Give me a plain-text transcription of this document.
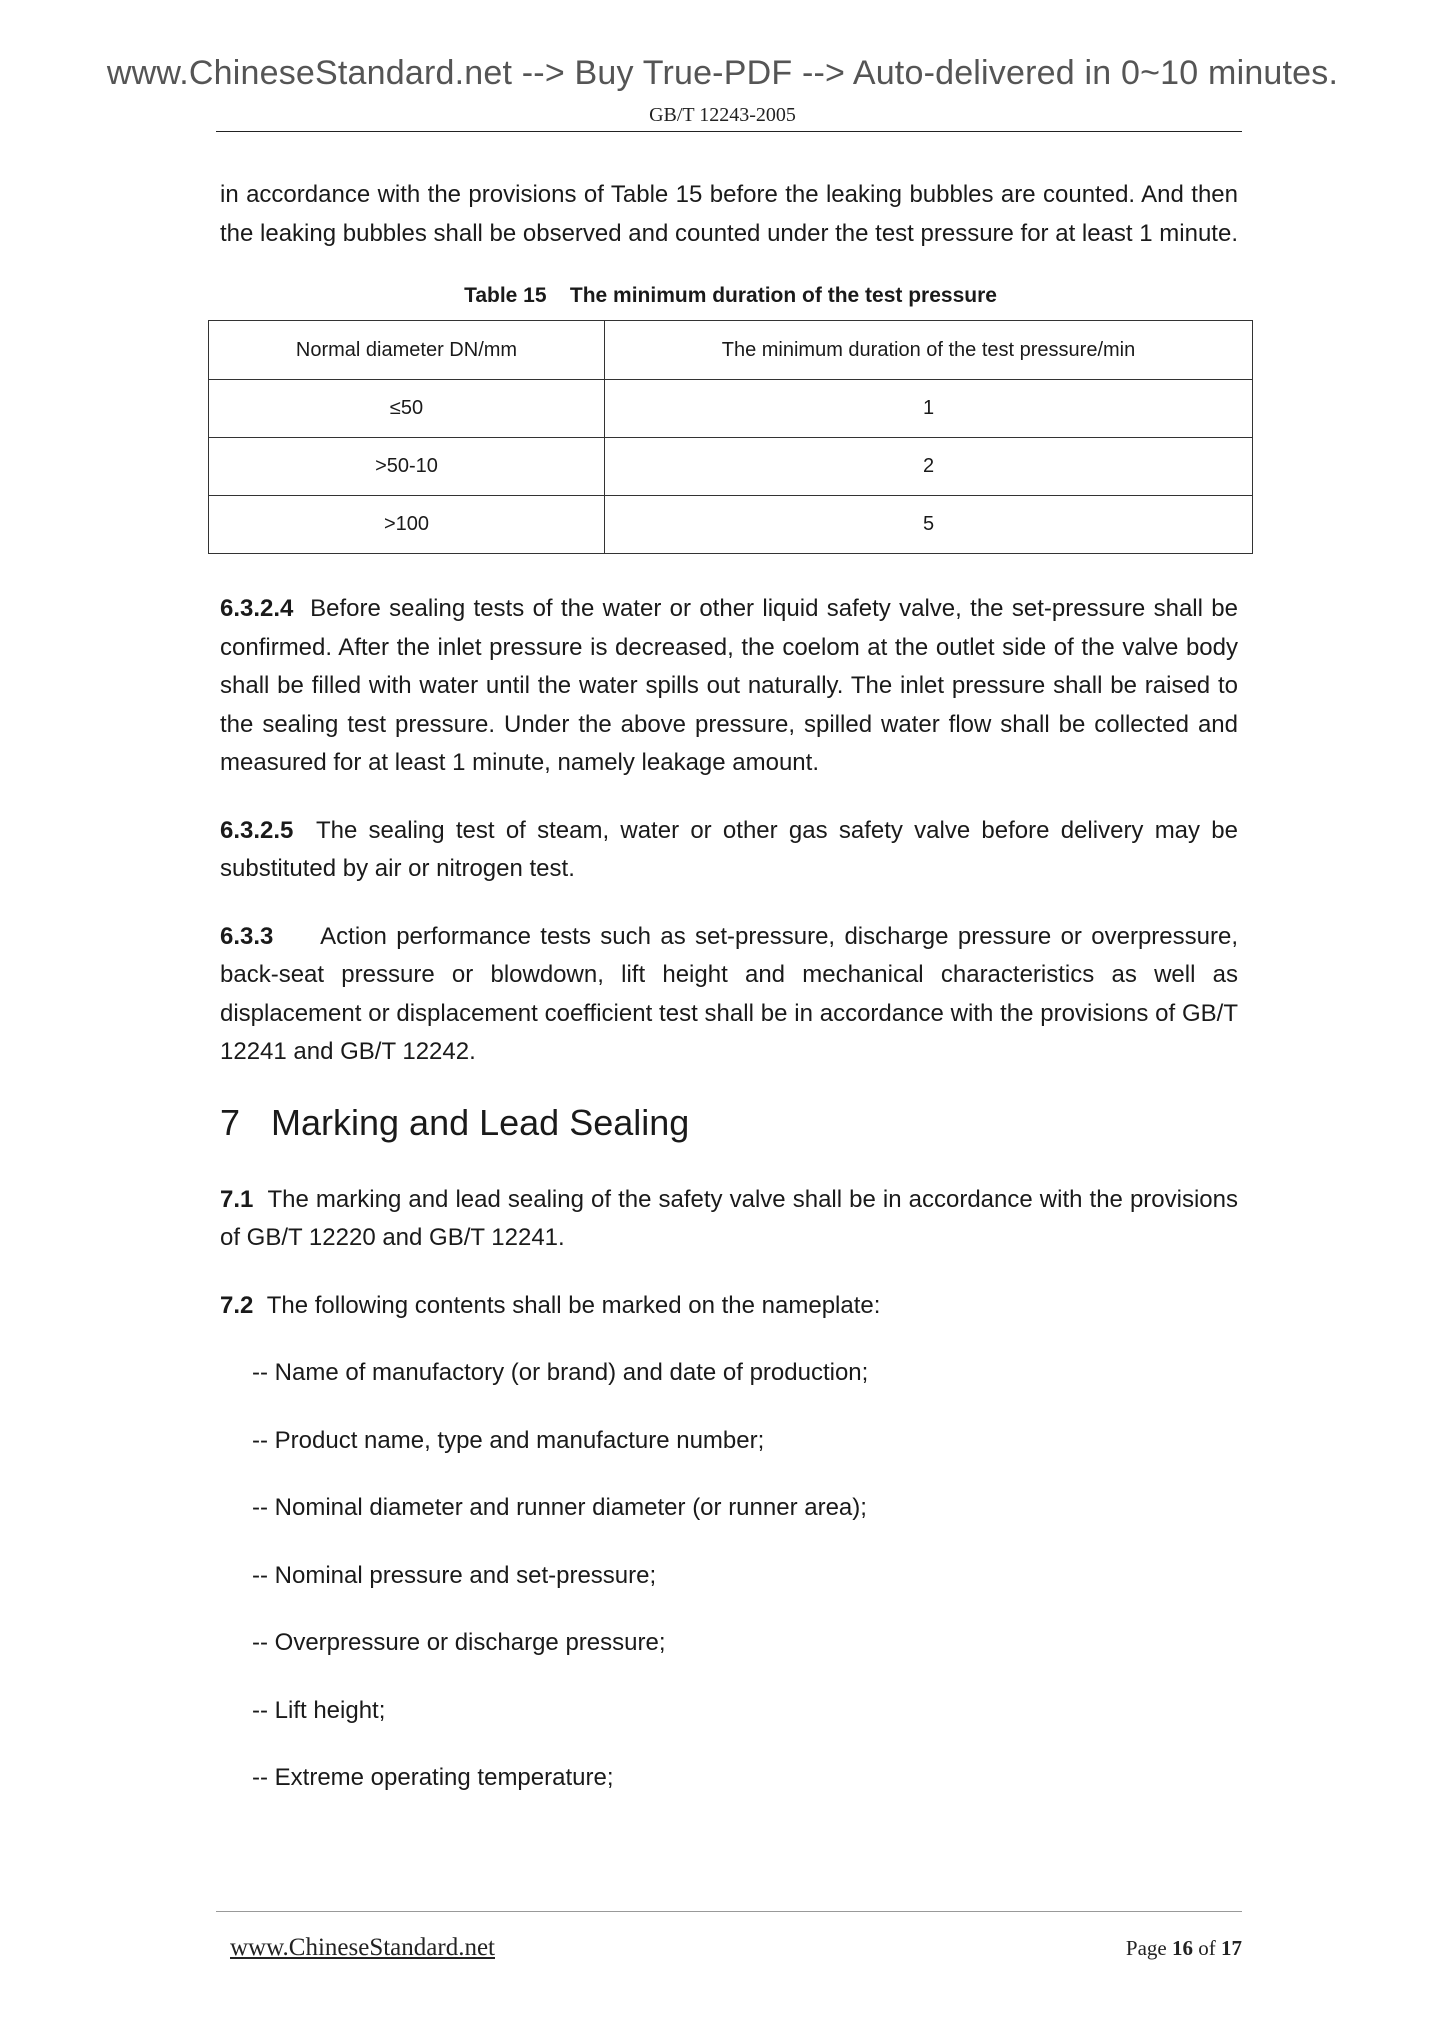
www.ChineseStandard.net --> Buy True-PDF --> Auto-delivered in 0~10 minutes.
GB/T 12243-2005

in accordance with the provisions of Table 15 before the leaking bubbles are counted. And then the leaking bubbles shall be observed and counted under the test pressure for at least 1 minute.

Table 15    The minimum duration of the test pressure
Normal diameter DN/mm	The minimum duration of the test pressure/min
≤50	1
>50-10	2
>100	5

6.3.2.4 Before sealing tests of the water or other liquid safety valve, the set-pressure shall be confirmed. After the inlet pressure is decreased, the coelom at the outlet side of the valve body shall be filled with water until the water spills out naturally. The inlet pressure shall be raised to the sealing test pressure. Under the above pressure, spilled water flow shall be collected and measured for at least 1 minute, namely leakage amount.

6.3.2.5 The sealing test of steam, water or other gas safety valve before delivery may be substituted by air or nitrogen test.

6.3.3 Action performance tests such as set-pressure, discharge pressure or overpressure, back-seat pressure or blowdown, lift height and mechanical characteristics as well as displacement or displacement coefficient test shall be in accordance with the provisions of GB/T 12241 and GB/T 12242.

7 Marking and Lead Sealing

7.1 The marking and lead sealing of the safety valve shall be in accordance with the provisions of GB/T 12220 and GB/T 12241.

7.2 The following contents shall be marked on the nameplate:

-- Name of manufactory (or brand) and date of production;
-- Product name, type and manufacture number;
-- Nominal diameter and runner diameter (or runner area);
-- Nominal pressure and set-pressure;
-- Overpressure or discharge pressure;
-- Lift height;
-- Extreme operating temperature;
www.ChineseStandard.net	Page 16 of 17
